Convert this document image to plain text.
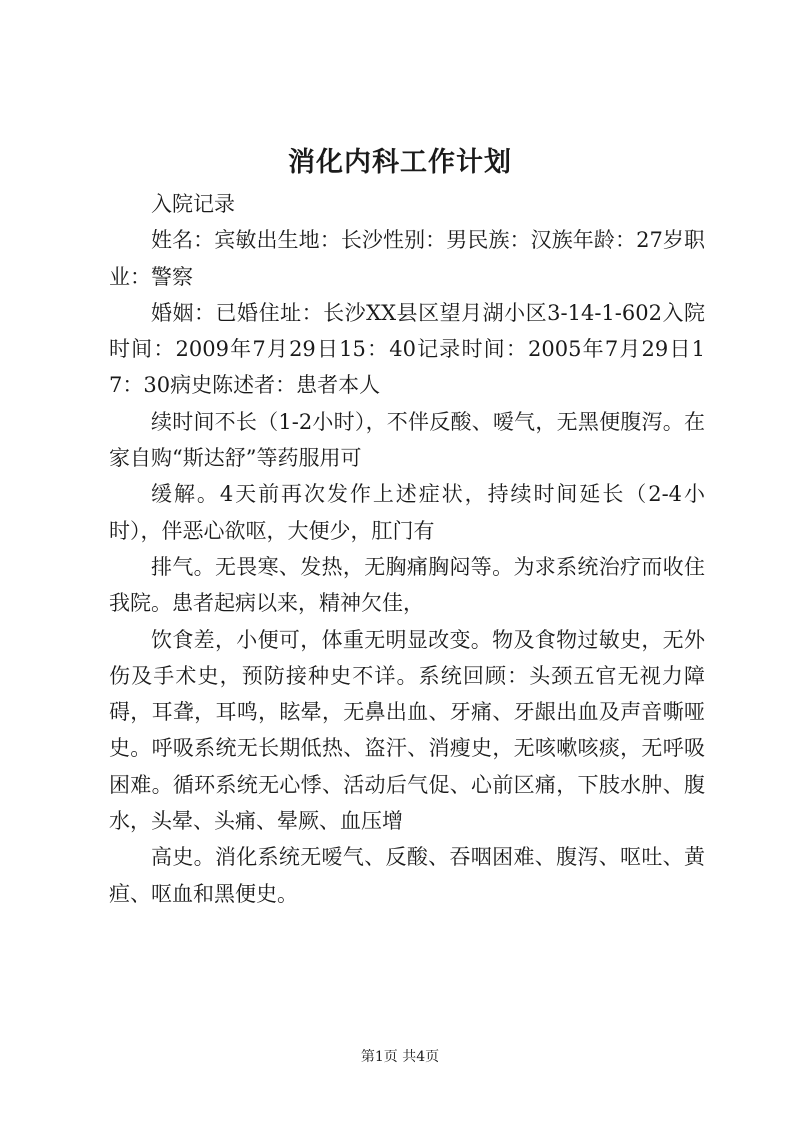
消化内科工作计划

入院记录

姓名：宾敏出生地：长沙性别：男民族：汉族年龄：27岁职业：警察

婚姻：已婚住址：长沙XX县区望月湖小区3-14-1-602入院时间：2009年7月29日15：40记录时间：2005年7月29日17：30病史陈述者：患者本人

续时间不长（1-2小时），不伴反酸、嗳气，无黑便腹泻。在家自购“斯达舒”等药服用可

缓解。4天前再次发作上述症状，持续时间延长（2-4小时），伴恶心欲呕，大便少，肛门有

排气。无畏寒、发热，无胸痛胸闷等。为求系统治疗而收住我院。患者起病以来，精神欠佳，

饮食差，小便可，体重无明显改变。物及食物过敏史，无外伤及手术史，预防接种史不详。系统回顾：头颈五官无视力障碍，耳聋，耳鸣，眩晕，无鼻出血、牙痛、牙龈出血及声音嘶哑史。呼吸系统无长期低热、盗汗、消瘦史，无咳嗽咳痰，无呼吸困难。循环系统无心悸、活动后气促、心前区痛，下肢水肿、腹水，头晕、头痛、晕厥、血压增

高史。消化系统无嗳气、反酸、吞咽困难、腹泻、呕吐、黄疸、呕血和黑便史。

第1页 共4页
